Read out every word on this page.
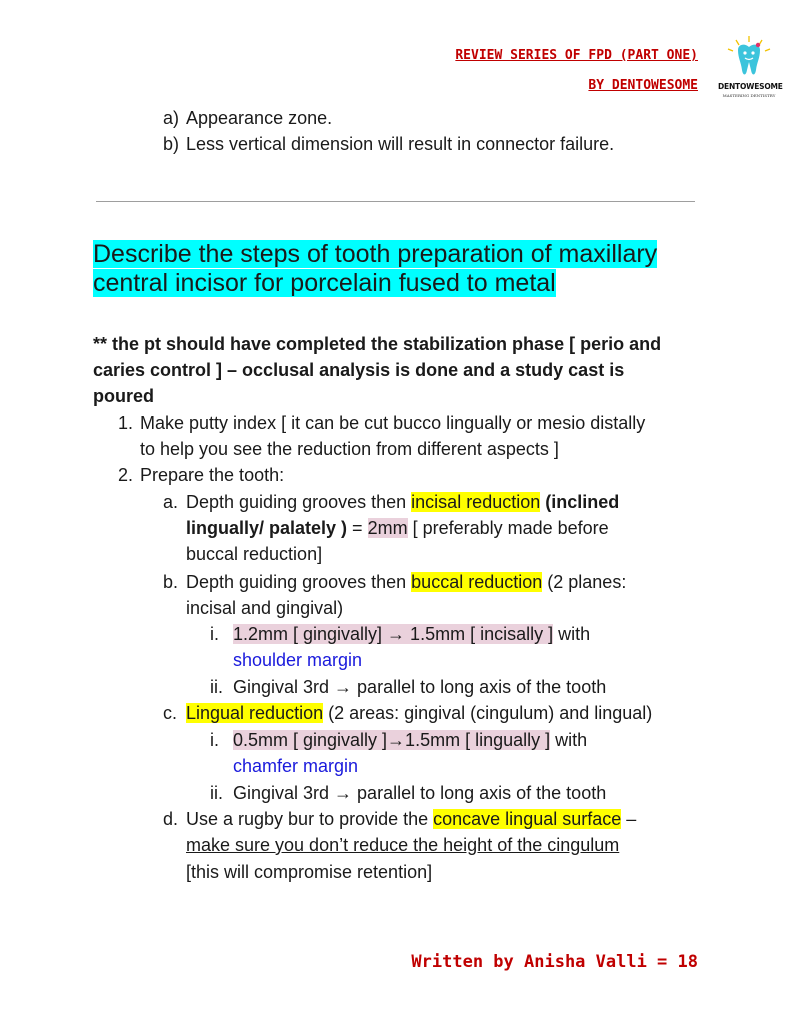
REVIEW SERIES OF FPD (PART ONE)
BY DENTOWESOME	DENTOWESOME
MASTERING DENTISTRY
a) Appearance zone.
b) Less vertical dimension will result in connector failure.
Describe the steps of tooth preparation of maxillary
central incisor for porcelain fused to metal
** the pt should have completed the stabilization phase [ perio and
caries control ] – occlusal analysis is done and a study cast is
poured
1. Make putty index [ it can be cut bucco lingually or mesio distally
to help you see the reduction from different aspects ]
2. Prepare the tooth:
a. Depth guiding grooves then incisal reduction (inclined
lingually/ palately ) = 2mm [ preferably made before
buccal reduction]
b. Depth guiding grooves then buccal reduction (2 planes:
incisal and gingival)
i. 1.2mm [ gingivally] → 1.5mm [ incisally ] with
shoulder margin
ii. Gingival 3rd → parallel to long axis of the tooth
c. Lingual reduction (2 areas: gingival (cingulum) and lingual)
i. 0.5mm [ gingivally ]→1.5mm [ lingually ] with
chamfer margin
ii. Gingival 3rd → parallel to long axis of the tooth
d. Use a rugby bur to provide the concave lingual surface –
make sure you don’t reduce the height of the cingulum
[this will compromise retention]
Written by Anisha Valli = 18
